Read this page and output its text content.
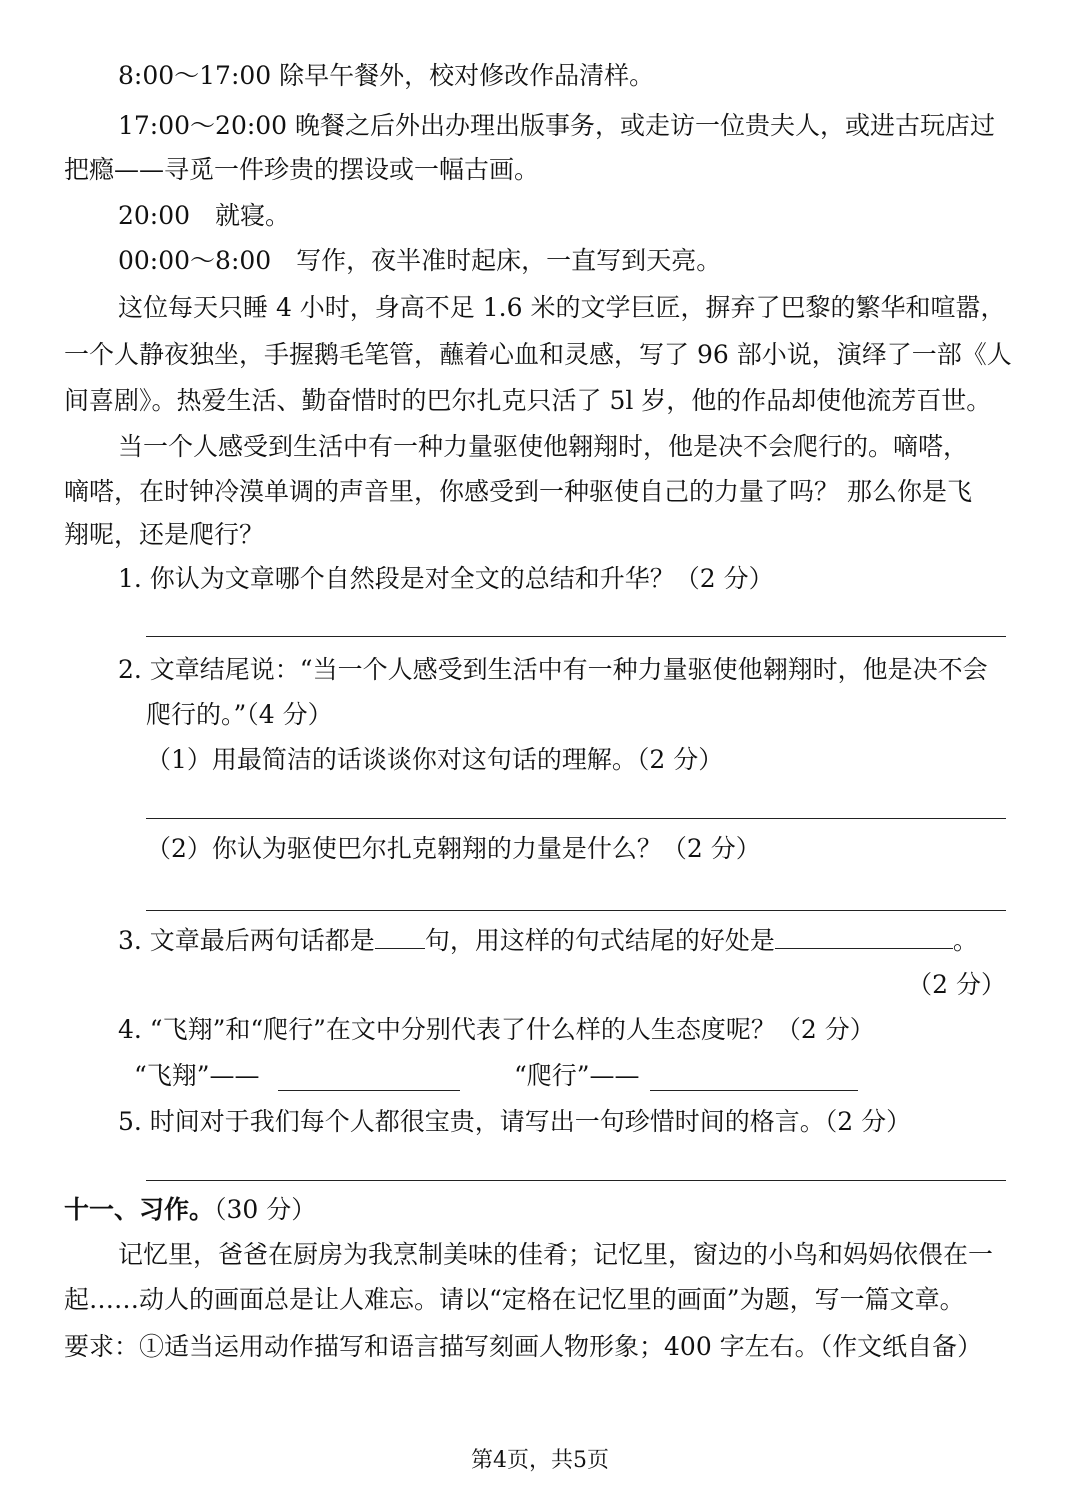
8:00～17:00 除早午餐外，校对修改作品清样。
17:00～20:00 晚餐之后外出办理出版事务，或走访一位贵夫人，或进古玩店过
把瘾——寻觅一件珍贵的摆设或一幅古画。
20:00　就寝。
00:00～8:00　写作，夜半准时起床，一直写到天亮。
这位每天只睡 4 小时，身高不足 1.6 米的文学巨匠，摒弃了巴黎的繁华和喧嚣，
一个人静夜独坐，手握鹅毛笔管，蘸着心血和灵感，写了 96 部小说，演绎了一部《人
间喜剧》。热爱生活、勤奋惜时的巴尔扎克只活了 5l 岁，他的作品却使他流芳百世。
当一个人感受到生活中有一种力量驱使他翱翔时，他是决不会爬行的。嘀嗒，
嘀嗒，在时钟冷漠单调的声音里，你感受到一种驱使自己的力量了吗？ 那么你是飞
翔呢，还是爬行？
1. 你认为文章哪个自然段是对全文的总结和升华？（2 分）
2. 文章结尾说：“当一个人感受到生活中有一种力量驱使他翱翔时，他是决不会
爬行的。”（4 分）
（1）用最简洁的话谈谈你对这句话的理解。（2 分）
（2）你认为驱使巴尔扎克翱翔的力量是什么？（2 分）
3. 文章最后两句话都是 句，用这样的句式结尾的好处是	。
（2 分）
4. “飞翔”和“爬行”在文中分别代表了什么样的人生态度呢？（2 分）
“飞翔”——	“爬行”——
5. 时间对于我们每个人都很宝贵，请写出一句珍惜时间的格言。（2 分）
十一、习作。（30 分）
记忆里，爸爸在厨房为我烹制美味的佳肴；记忆里，窗边的小鸟和妈妈依偎在一
起……动人的画面总是让人难忘。请以“定格在记忆里的画面”为题，写一篇文章。
要求：①适当运用动作描写和语言描写刻画人物形象；400 字左右。（作文纸自备）
第4页，共5页
